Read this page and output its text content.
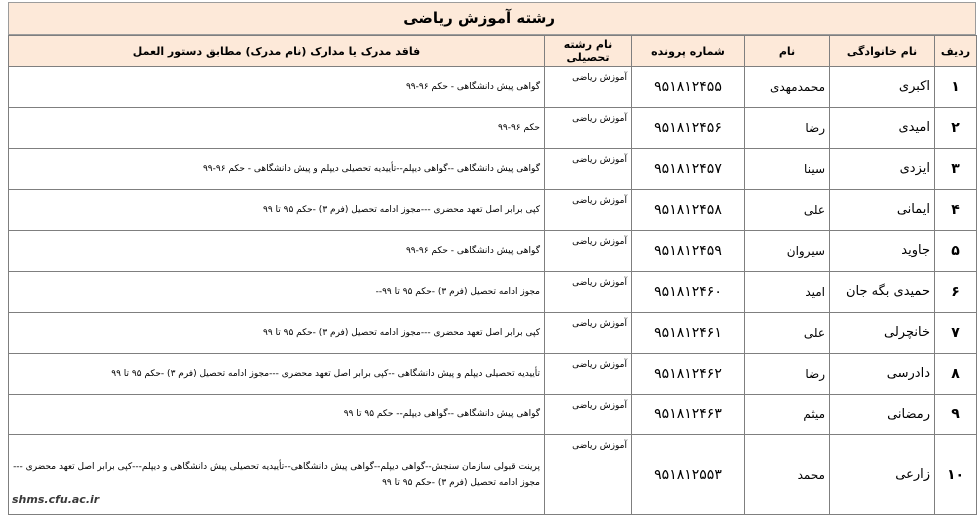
رشته آموزش ریاضی
ردیف	نام خانوادگی	نام	شماره پرونده	نام رشته تحصیلی	فاقد مدرک یا مدارک (نام مدرک) مطابق دستور العمل
۱	اکبری	محمدمهدی	۹۵۱۸۱۲۴۵۵	آموزش ریاضی	گواهی پیش دانشگاهی - حکم ۹۶-۹۹
۲	امیدی	رضا	۹۵۱۸۱۲۴۵۶	آموزش ریاضی	حکم ۹۶-۹۹
۳	ایزدی	سینا	۹۵۱۸۱۲۴۵۷	آموزش ریاضی	گواهی پیش دانشگاهی --گواهی دیپلم--تأییدیه تحصیلی دیپلم و پیش دانشگاهی - حکم ۹۶-۹۹
۴	ایمانی	علی	۹۵۱۸۱۲۴۵۸	آموزش ریاضی	کپی برابر اصل تعهد محضری ---مجوز ادامه تحصیل (فرم ۳) -حکم ۹۵ تا ۹۹
۵	جاوید	سیروان	۹۵۱۸۱۲۴۵۹	آموزش ریاضی	گواهی پیش دانشگاهی - حکم ۹۶-۹۹
۶	حمیدی بگه جان	امید	۹۵۱۸۱۲۴۶۰	آموزش ریاضی	مجوز ادامه تحصیل (فرم ۳) -حکم ۹۵ تا ۹۹--
۷	خانچرلی	علی	۹۵۱۸۱۲۴۶۱	آموزش ریاضی	کپی برابر اصل تعهد محضری ---مجوز ادامه تحصیل (فرم ۳) -حکم ۹۵ تا ۹۹
۸	دادرسی	رضا	۹۵۱۸۱۲۴۶۲	آموزش ریاضی	تأییدیه تحصیلی دیپلم و پیش دانشگاهی --کپی برابر اصل تعهد محضری ---مجوز ادامه تحصیل (فرم ۳) -حکم ۹۵ تا ۹۹
۹	رمضانی	میثم	۹۵۱۸۱۲۴۶۳	آموزش ریاضی	گواهی پیش دانشگاهی --گواهی دیپلم-- حکم ۹۵ تا ۹۹
۱۰	زارعی	محمد	۹۵۱۸۱۲۵۵۳	آموزش ریاضی	پرینت قبولی سازمان سنجش--گواهی دیپلم--گواهی پیش دانشگاهی--تأییدیه تحصیلی پیش دانشگاهی و دیپلم---کپی برابر اصل تعهد محضری ---مجوز ادامه تحصیل (فرم ۳) -حکم ۹۵ تا ۹۹
shms.cfu.ac.ir
